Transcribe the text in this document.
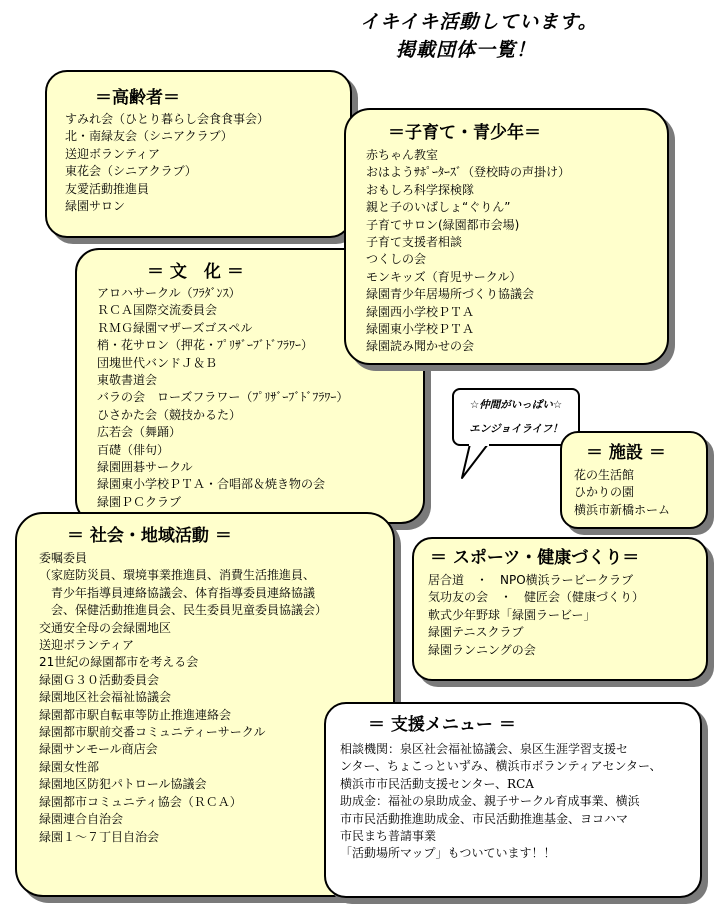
イキイキ活動しています。
掲載団体一覧！
＝ 文　化 ＝
アロハサークル（ﾌﾗﾀﾞﾝｽ）
ＲＣＡ国際交流委員会
ＲＭＧ緑園マザーズゴスペル
梢・花サロン（押花・ﾌﾟﾘｻﾞｰﾌﾞﾄﾞﾌﾗﾜｰ）
団塊世代バンドＪ＆Ｂ
東敬書道会
バラの会　ローズフラワー（ﾌﾟﾘｻﾞｰﾌﾞﾄﾞﾌﾗﾜｰ）
ひさかた会（競技かるた）
広若会（舞踊）
百礎（俳句）
緑園囲碁サークル
緑園東小学校ＰＴＡ・合唱部＆焼き物の会
緑園ＰＣクラブ
＝高齢者＝
すみれ会（ひとり暮らし会食食事会）
北・南緑友会（シニアクラブ）
送迎ボランティア
東花会（シニアクラブ）
友愛活動推進員
緑園サロン
＝子育て・青少年＝
赤ちゃん教室
おはようｻﾎﾟｰﾀｰｽﾞ（登校時の声掛け）
おもしろ科学探検隊
親と子のいばしょ“ぐりん”
子育てサロン(緑園都市会場)
子育て支援者相談
つくしの会
モンキッズ（育児サークル）
緑園青少年居場所づくり協議会
緑園西小学校ＰＴＡ
緑園東小学校ＰＴＡ
緑園読み聞かせの会
☆仲間がいっぱい☆
エンジョイライフ！
＝ 施設 ＝
花の生活館
ひかりの園
横浜市新橋ホーム
＝ 社会・地域活動 ＝
委嘱委員
（家庭防災員、環境事業推進員、消費生活推進員、
　青少年指導員連絡協議会、体育指導委員連絡協議
　会、保健活動推進員会、民生委員児童委員協議会）
交通安全母の会緑園地区
送迎ボランティア
21世紀の緑園都市を考える会
緑園Ｇ３０活動委員会
緑園地区社会福祉協議会
緑園都市駅自転車等防止推進連絡会
緑園都市駅前交番コミュニティーサークル
緑園サンモール商店会
緑園女性部
緑園地区防犯パトロール協議会
緑園都市コミュニティ協会（ＲＣＡ）
緑園連合自治会
緑園１～７丁目自治会
＝ スポーツ・健康づくり＝
居合道　・　NPO横浜ラービークラブ
気功友の会　・　健匠会（健康づくり）
軟式少年野球「緑園ラービー」
緑園テニスクラブ
緑園ランニングの会
＝ 支援メニュー ＝
相談機関：泉区社会福祉協議会、泉区生涯学習支援セ
ンター、ちょこっといずみ、横浜市ボランティアセンター、
横浜市市民活動支援センター、RCA
助成金：福祉の泉助成金、親子サークル育成事業、横浜
市市民活動推進助成金、市民活動推進基金、ヨコハマ
市民まち普請事業
「活動場所マップ」もついています！！
